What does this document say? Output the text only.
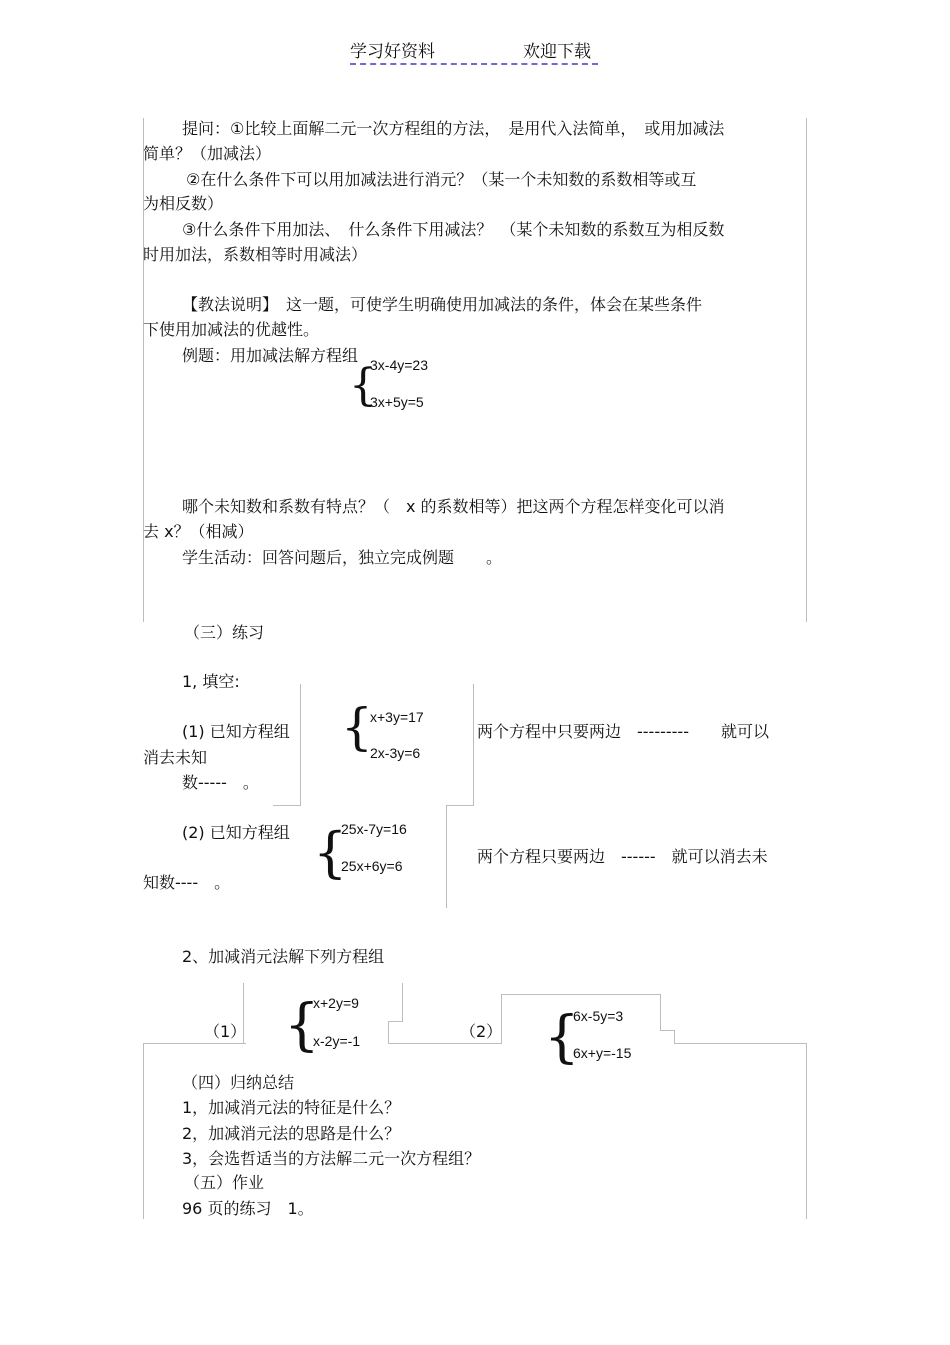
学习好资料	欢迎下载
提问：①比较上面解二元一次方程组的方法，　是用代入法简单，　或用加减法
简单？（加减法）
②在什么条件下可以用加减法进行消元？（某一个未知数的系数相等或互
为相反数）
③什么条件下用加法、　什么条件下用减法？　（某个未知数的系数互为相反数
时用加法，系数相等时用减法）
【教法说明】　这一题，可使学生明确使用加减法的条件，体会在某些条件
下使用加减法的优越性。
例题：用加减法解方程组
{
3x-4y=23
3x+5y=5
哪个未知数和系数有特点？（　x 的系数相等）把这两个方程怎样变化可以消
去 x？（相减）
学生活动：回答问题后，独立完成例题　　。
（三）练习
1, 填空:
(1) 已知方程组 {
x+3y=17
2x-3y=6
两个方程中只要两边　---------　　就可以
消去未知
数-----　。
(2) 已知方程组 {
25x-7y=16
25x+6y=6	两个方程只要两边　------　就可以消去未
知数----　。
2、加减消元法解下列方程组
（1） {
x+2y=9
x-2y=-1	（2） {
6x-5y=3
6x+y=-15
（四）归纳总结
1，加减消元法的特征是什么？
2，加减消元法的思路是什么？
3，会选哲适当的方法解二元一次方程组？
（五）作业
96 页的练习　1。
